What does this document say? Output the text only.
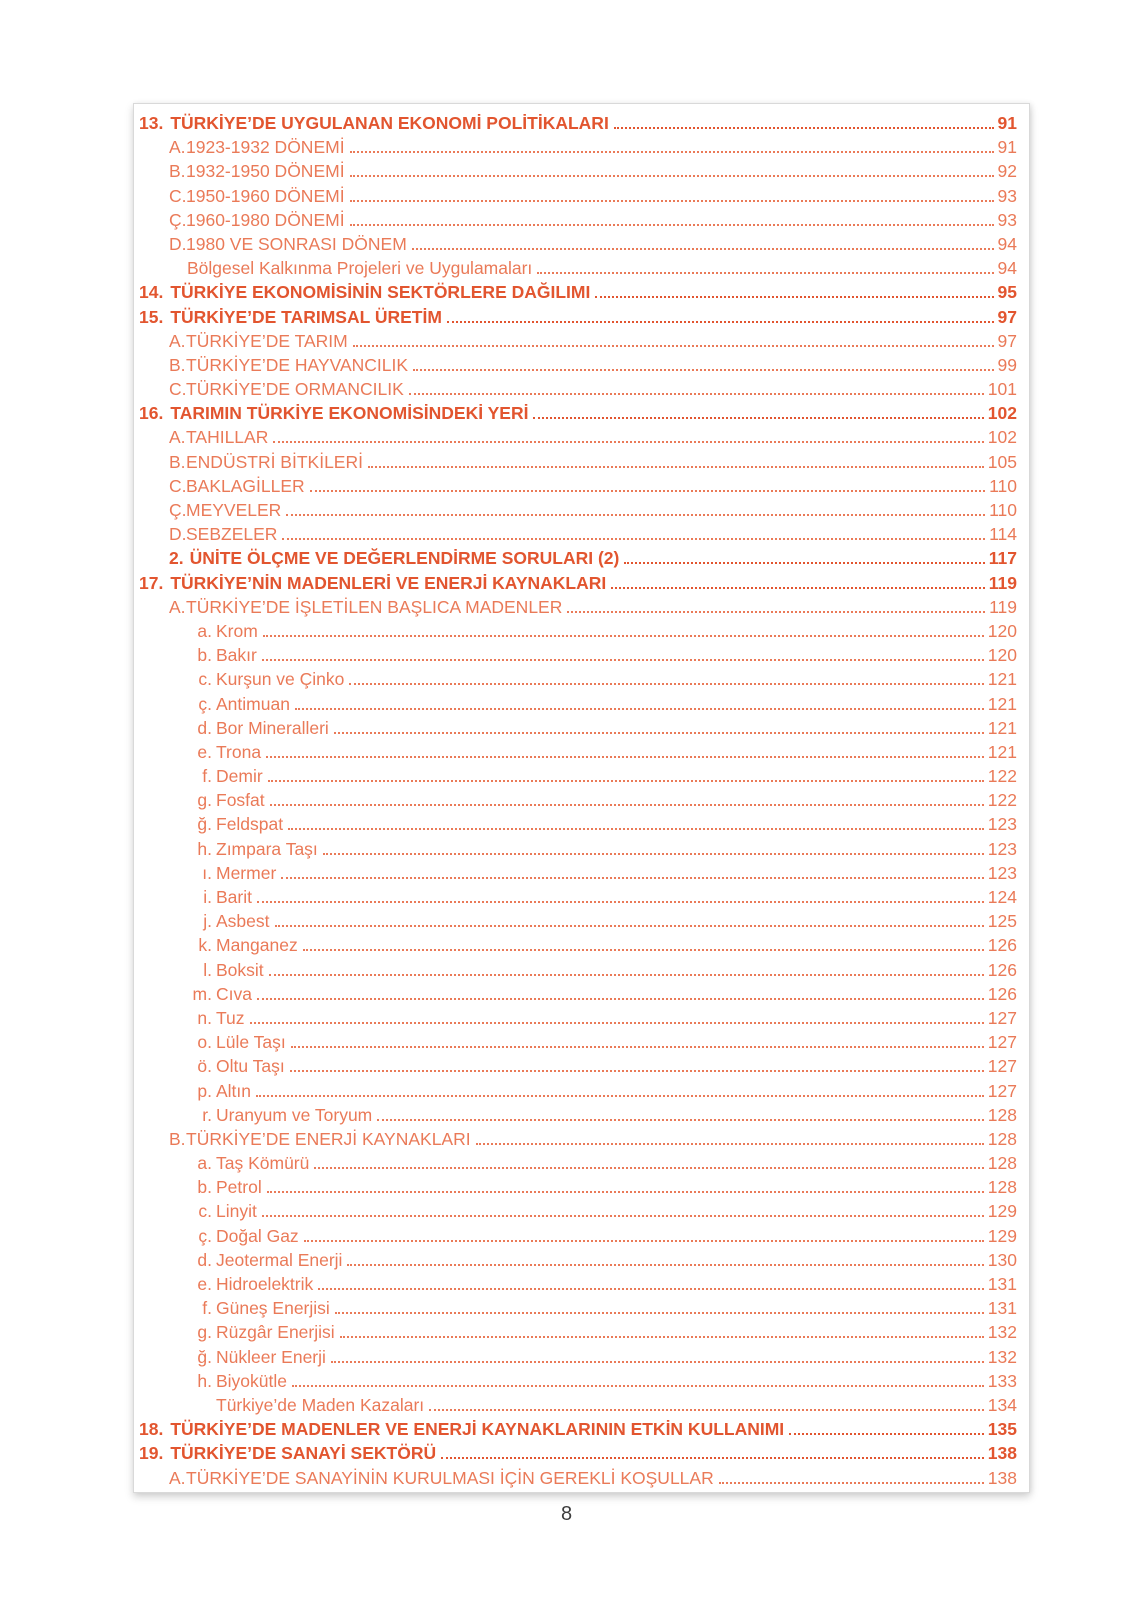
13. TÜRKİYE’DE UYGULANAN EKONOMİ POLİTİKALARI	91
A. 1923-1932 DÖNEMİ	91
B. 1932-1950 DÖNEMİ	92
C. 1950-1960 DÖNEMİ	93
Ç. 1960-1980 DÖNEMİ	93
D. 1980 VE SONRASI DÖNEM	94
Bölgesel Kalkınma Projeleri ve Uygulamaları	94
14. TÜRKİYE EKONOMİSİNİN SEKTÖRLERE DAĞILIMI	95
15. TÜRKİYE’DE TARIMSAL ÜRETİM	97
A. TÜRKİYE’DE TARIM	97
B. TÜRKİYE’DE HAYVANCILIK	99
C. TÜRKİYE’DE ORMANCILIK	101
16. TARIMIN TÜRKİYE EKONOMİSİNDEKİ YERİ	102
A. TAHILLAR	102
B. ENDÜSTRİ BİTKİLERİ	105
C. BAKLAGİLLER	110
Ç. MEYVELER	110
D. SEBZELER	114
2. ÜNİTE ÖLÇME VE DEĞERLENDİRME SORULARI (2)	117
17. TÜRKİYE’NİN MADENLERİ VE ENERJİ KAYNAKLARI	119
A. TÜRKİYE’DE İŞLETİLEN BAŞLICA MADENLER	119
a. Krom	120
b. Bakır	120
c. Kurşun ve Çinko	121
ç. Antimuan	121
d. Bor Mineralleri	121
e. Trona	121
f. Demir	122
g. Fosfat	122
ğ. Feldspat	123
h. Zımpara Taşı	123
ı. Mermer	123
i. Barit	124
j. Asbest	125
k. Manganez	126
l. Boksit	126
m. Cıva	126
n. Tuz	127
o. Lüle Taşı	127
ö. Oltu Taşı	127
p. Altın	127
r. Uranyum ve Toryum	128
B. TÜRKİYE’DE ENERJİ KAYNAKLARI	128
a. Taş Kömürü	128
b. Petrol	128
c. Linyit	129
ç. Doğal Gaz	129
d. Jeotermal Enerji	130
e. Hidroelektrik	131
f. Güneş Enerjisi	131
g. Rüzgâr Enerjisi	132
ğ. Nükleer Enerji	132
h. Biyokütle	133
Türkiye’de Maden Kazaları	134
18. TÜRKİYE’DE MADENLER VE ENERJİ KAYNAKLARININ ETKİN KULLANIMI	135
19. TÜRKİYE’DE SANAYİ SEKTÖRÜ	138
A. TÜRKİYE’DE SANAYİNİN KURULMASI İÇİN GEREKLİ KOŞULLAR	138
8
